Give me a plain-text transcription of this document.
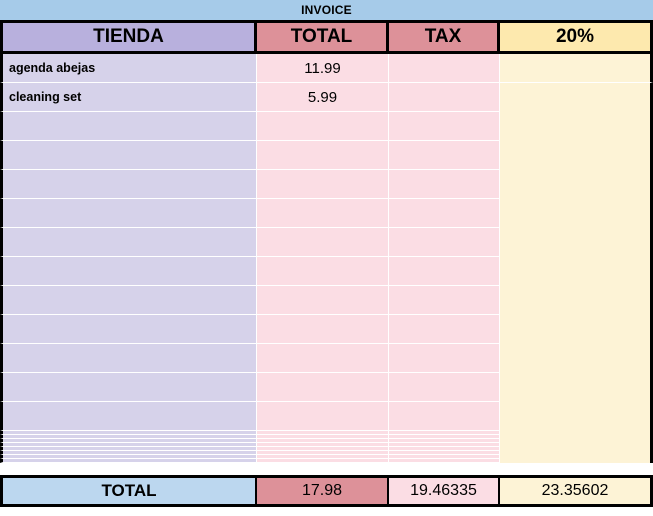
INVOICE
TIENDA	TOTAL	TAX	20%
agenda abejas	11.99
cleaning set	5.99
TOTAL	17.98	19.46335	23.35602
